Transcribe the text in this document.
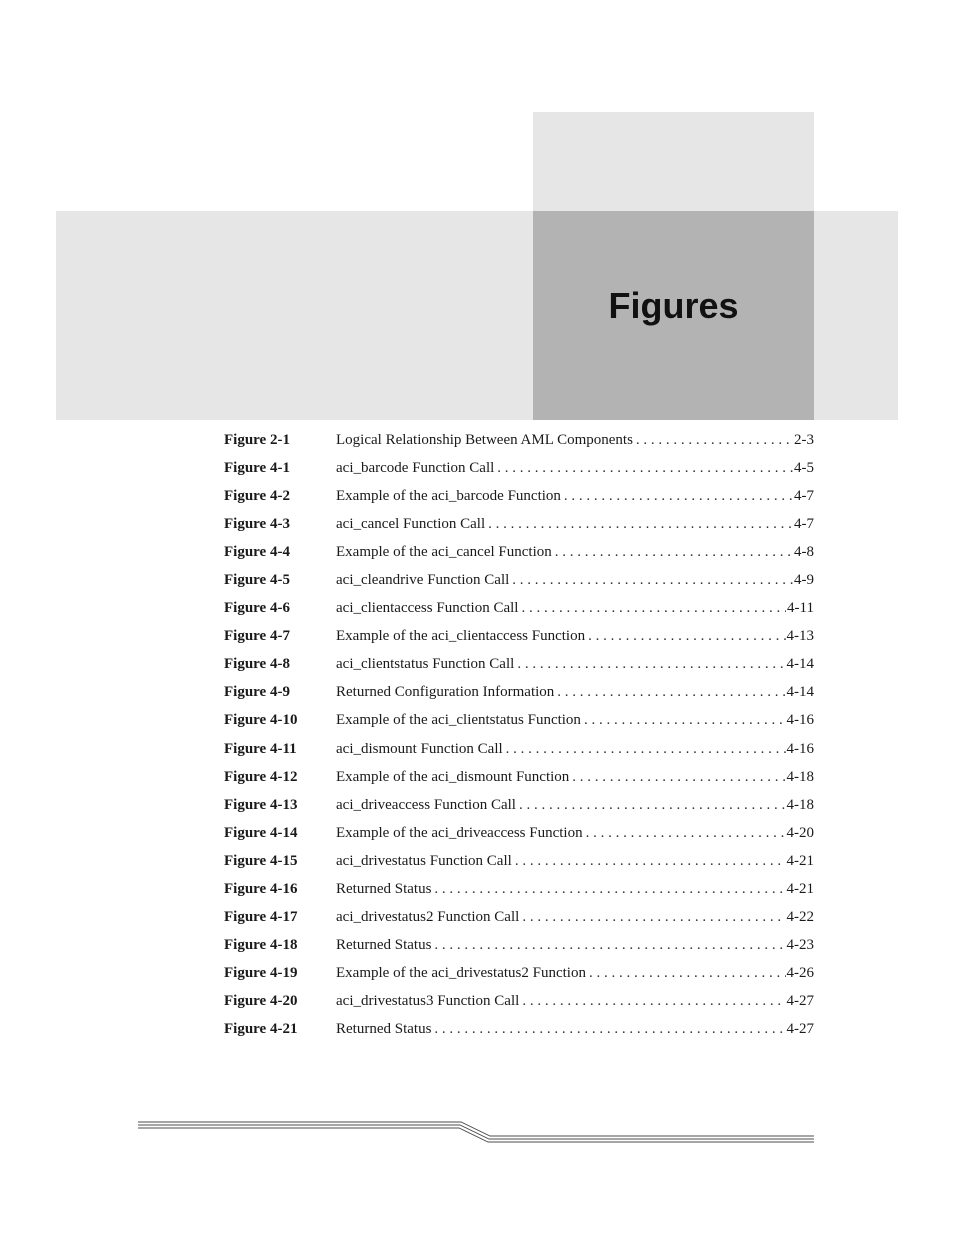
Figures
Figure 2-1	Logical Relationship Between AML Components . . .	2-3
Figure 4-1	aci_barcode Function Call . . .	4-5
Figure 4-2	Example of the aci_barcode Function . . .	4-7
Figure 4-3	aci_cancel Function Call . . .	4-7
Figure 4-4	Example of the aci_cancel Function . . .	4-8
Figure 4-5	aci_cleandrive Function Call . . .	4-9
Figure 4-6	aci_clientaccess Function Call . . .	4-11
Figure 4-7	Example of the aci_clientaccess Function . . .	4-13
Figure 4-8	aci_clientstatus Function Call . . .	4-14
Figure 4-9	Returned Configuration Information . . .	4-14
Figure 4-10	Example of the aci_clientstatus Function . . .	4-16
Figure 4-11	aci_dismount Function Call . . .	4-16
Figure 4-12	Example of the aci_dismount Function . . .	4-18
Figure 4-13	aci_driveaccess Function Call . . .	4-18
Figure 4-14	Example of the aci_driveaccess Function . . .	4-20
Figure 4-15	aci_drivestatus Function Call . . .	4-21
Figure 4-16	Returned Status . . .	4-21
Figure 4-17	aci_drivestatus2 Function Call . . .	4-22
Figure 4-18	Returned Status . . .	4-23
Figure 4-19	Example of the aci_drivestatus2 Function . . .	4-26
Figure 4-20	aci_drivestatus3 Function Call . . .	4-27
Figure 4-21	Returned Status . . .	4-27
